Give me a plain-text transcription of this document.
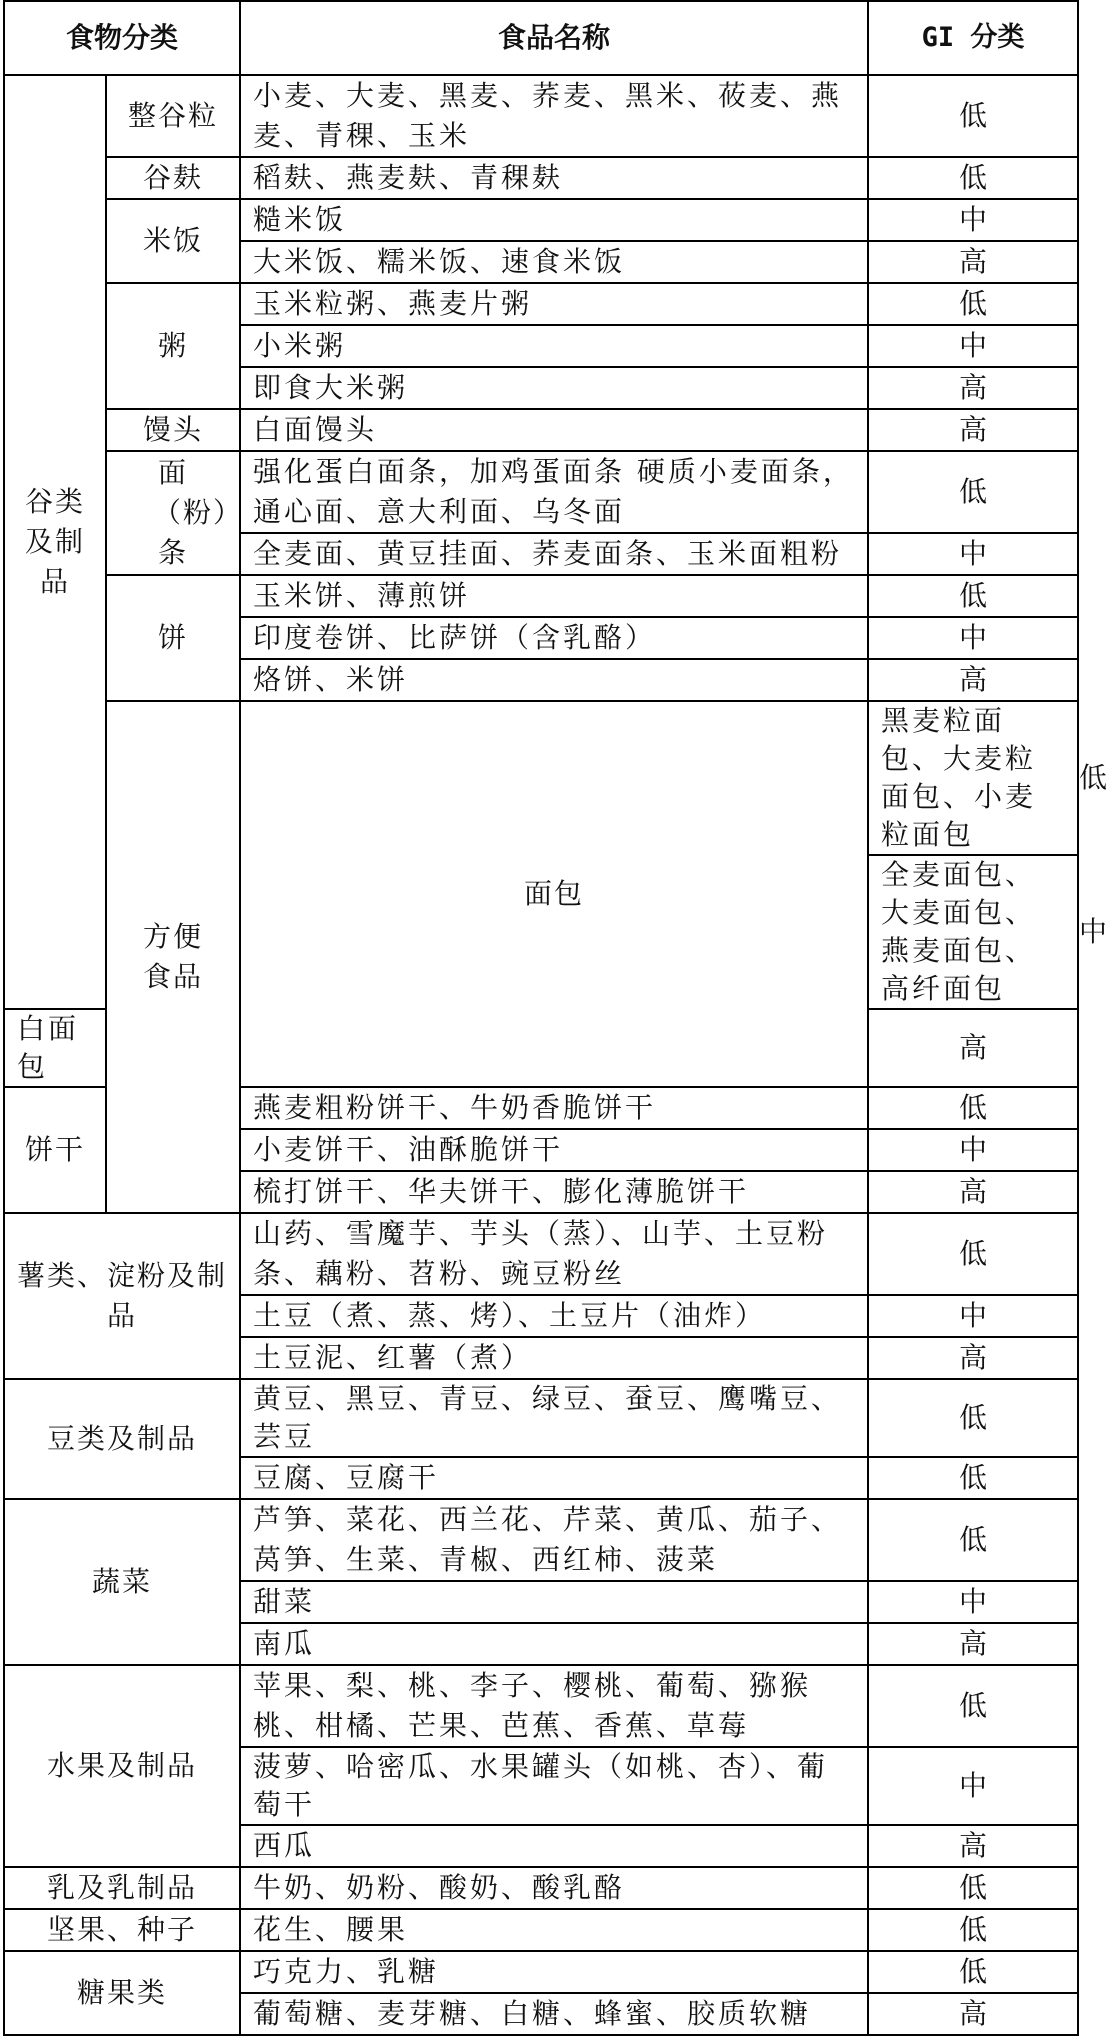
食物分类		食品名称	GI 分类	
谷类及制品	整谷粒	小麦、大麦、黑麦、荞麦、黑米、莜麦、燕麦、青稞、玉米	低	
	谷麸	稻麸、燕麦麸、青稞麸	低	
	米饭	糙米饭	中	
		大米饭、糯米饭、速食米饭	高	
	粥	玉米粒粥、燕麦片粥	低	
		小米粥	中	
		即食大米粥	高	
	馒头	白面馒头	高	
	面（粉）条	强化蛋白面条，加鸡蛋面条 硬质小麦面条，通心面、意大利面、乌冬面	低	
		全麦面、黄豆挂面、荞麦面条、玉米面粗粉	中	
	饼	玉米饼、薄煎饼	低	
		印度卷饼、比萨饼（含乳酪）	中	
		烙饼、米饼	高	
	方便食品	面包	黑麦粒面包、大麦粒面包、小麦粒面包	低
			全麦面包、大麦面包、燕麦面包、高纤面包	中
白面包			高	
饼干		燕麦粗粉饼干、牛奶香脆饼干	低	
		小麦饼干、油酥脆饼干	中	
		梳打饼干、华夫饼干、膨化薄脆饼干	高	
薯类、淀粉及制品		山药、雪魔芋、芋头（蒸）、山芋、土豆粉条、藕粉、苕粉、豌豆粉丝	低	
		土豆（煮、蒸、烤）、土豆片（油炸）	中	
		土豆泥、红薯（煮）	高	
豆类及制品		黄豆、黑豆、青豆、绿豆、蚕豆、鹰嘴豆、芸豆	低	
		豆腐、豆腐干	低	
蔬菜		芦笋、菜花、西兰花、芹菜、黄瓜、茄子、莴笋、生菜、青椒、西红柿、菠菜	低	
		甜菜	中	
		南瓜	高	
水果及制品		苹果、梨、桃、李子、樱桃、葡萄、猕猴桃、柑橘、芒果、芭蕉、香蕉、草莓	低	
		菠萝、哈密瓜、水果罐头（如桃、杏）、葡萄干	中	
		西瓜	高	
乳及乳制品		牛奶、奶粉、酸奶、酸乳酪	低	
坚果、种子		花生、腰果	低	
糖果类		巧克力、乳糖	低	
		葡萄糖、麦芽糖、白糖、蜂蜜、胶质软糖	高	
